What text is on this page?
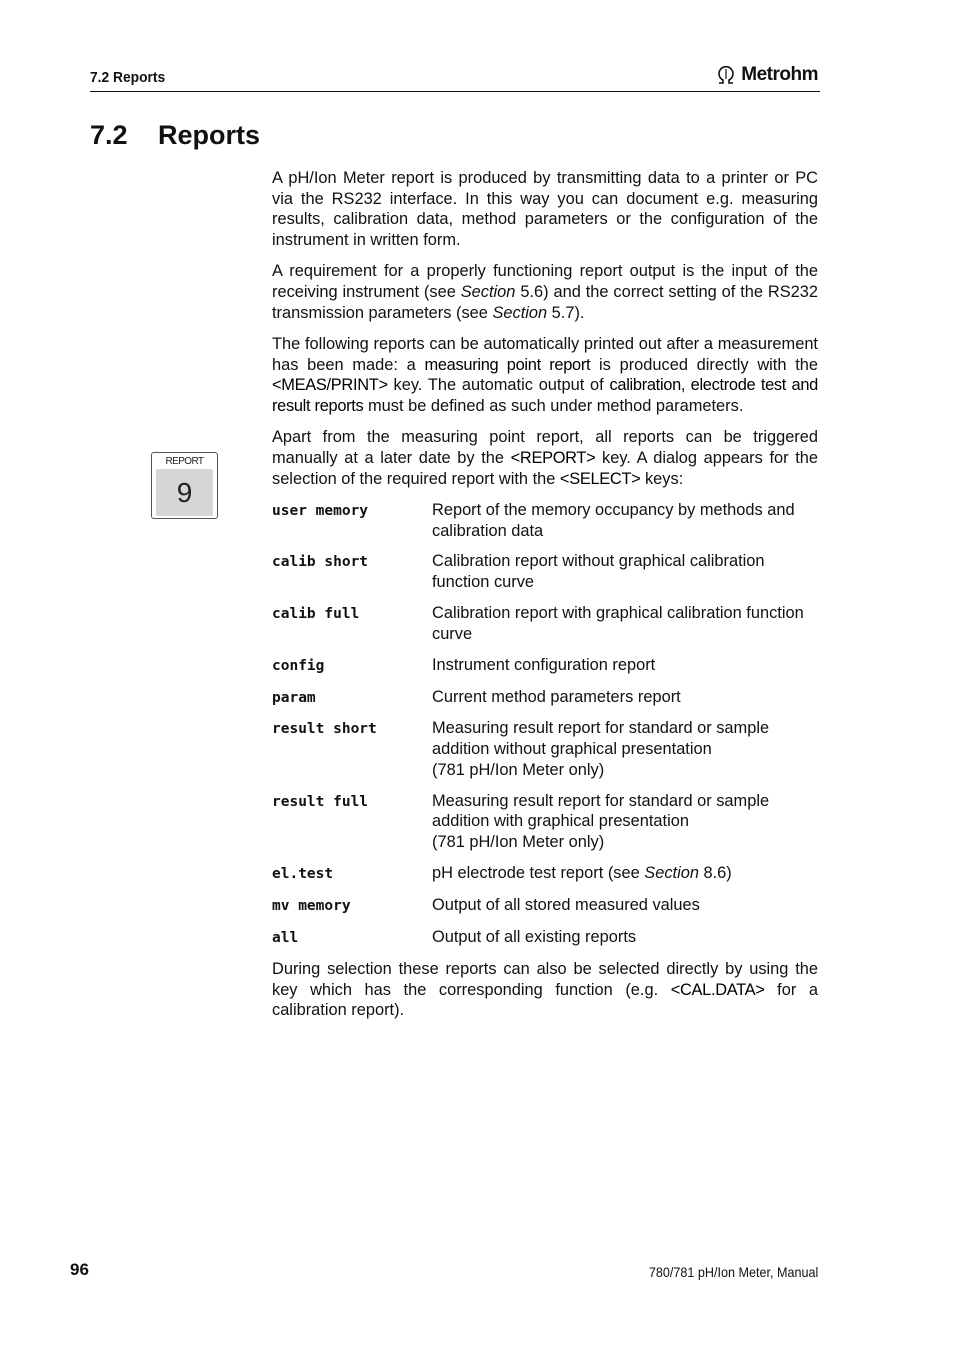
7.2 Reports	Metrohm
7.2 Reports
REPORT
9

A pH/Ion Meter report is produced by transmitting data to a printer or PC via the RS232 interface. In this way you can document e.g. measuring results, calibration data, method parameters or the configuration of the instrument in written form.

A requirement for a properly functioning report output is the input of the receiving instrument (see Section 5.6) and the correct setting of the RS232 transmission parameters (see Section 5.7).

The following reports can be automatically printed out after a measurement has been made: a measuring point report is produced directly with the <MEAS/PRINT> key. The automatic output of calibration, electrode test and result reports must be defined as such under method parameters.

Apart from the measuring point report, all reports can be triggered manually at a later date by the <REPORT> key. A dialog appears for the selection of the required report with the <SELECT> keys:

user memory	Report of the memory occupancy by methods and calibration data
calib short	Calibration report without graphical calibration function curve
calib full	Calibration report with graphical calibration function curve
config	Instrument configuration report
param	Current method parameters report
result short	Measuring result report for standard or sample addition without graphical presentation
(781 pH/Ion Meter only)
result full	Measuring result report for standard or sample addition with graphical presentation
(781 pH/Ion Meter only)
el.test	pH electrode test report (see Section 8.6)
mv memory	Output of all stored measured values
all	Output of all existing reports

During selection these reports can also be selected directly by using the key which has the corresponding function (e.g. <CAL.DATA> for a calibration report).

96	780/781 pH/Ion Meter, Manual
